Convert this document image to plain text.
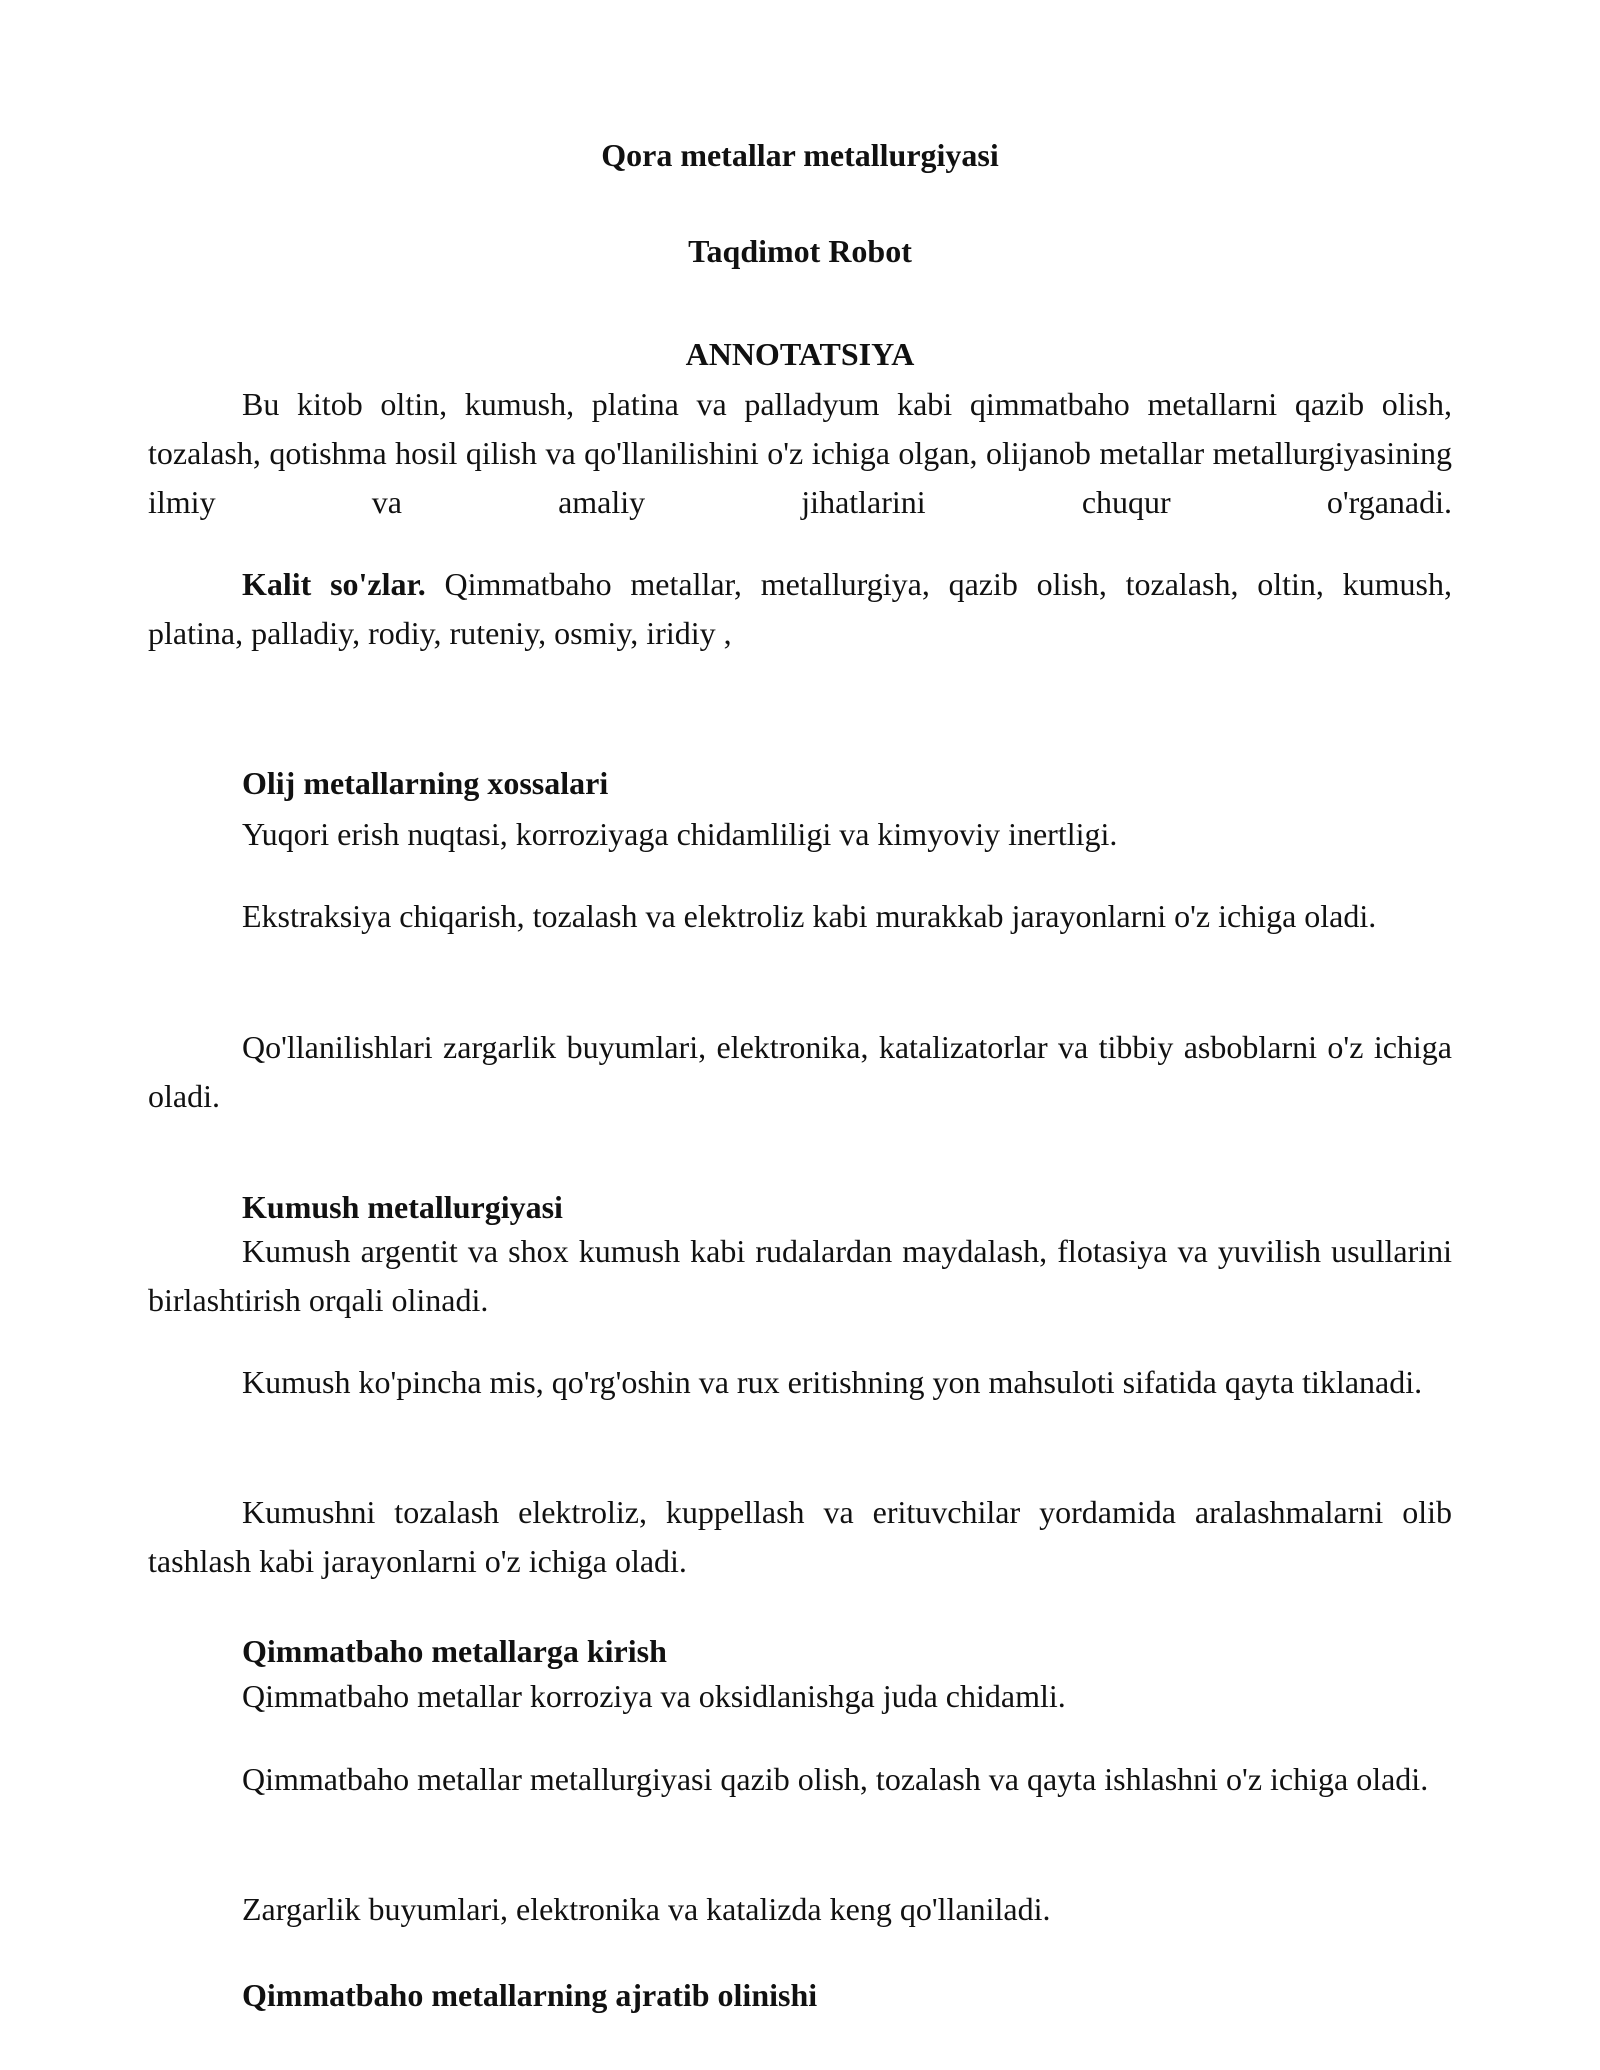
Qora metallar metallurgiyasi

Taqdimot Robot

ANNOTATSIYA

Bu kitob oltin, kumush, platina va palladyum kabi qimmatbaho metallarni qazib olish, tozalash, qotishma hosil qilish va qo'llanilishini o'z ichiga olgan, olijanob metallar metallurgiyasining ilmiy va amaliy jihatlarini chuqur o'rganadi.

Kalit so'zlar. Qimmatbaho metallar, metallurgiya, qazib olish, tozalash, oltin, kumush, platina, palladiy, rodiy, ruteniy, osmiy, iridiy ,

Olij metallarning xossalari

Yuqori erish nuqtasi, korroziyaga chidamliligi va kimyoviy inertligi.

Ekstraksiya chiqarish, tozalash va elektroliz kabi murakkab jarayonlarni o'z ichiga oladi.

Qo'llanilishlari zargarlik buyumlari, elektronika, katalizatorlar va tibbiy asboblarni o'z ichiga oladi.

Kumush metallurgiyasi

Kumush argentit va shox kumush kabi rudalardan maydalash, flotasiya va yuvilish usullarini birlashtirish orqali olinadi.

Kumush ko'pincha mis, qo'rg'oshin va rux eritishning yon mahsuloti sifatida qayta tiklanadi.

Kumushni tozalash elektroliz, kuppellash va erituvchilar yordamida aralashmalarni olib tashlash kabi jarayonlarni o'z ichiga oladi.

Qimmatbaho metallarga kirish

Qimmatbaho metallar korroziya va oksidlanishga juda chidamli.

Qimmatbaho metallar metallurgiyasi qazib olish, tozalash va qayta ishlashni o'z ichiga oladi.

Zargarlik buyumlari, elektronika va katalizda keng qo'llaniladi.

Qimmatbaho metallarning ajratib olinishi
